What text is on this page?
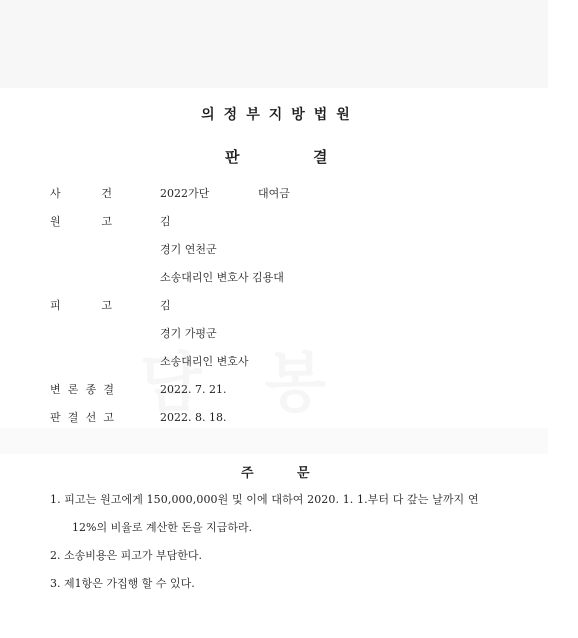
의정부지방법원
판	결
사	건	2022가단	대여금
원	고	김
경기 연천군
소송대리인 변호사 김용대
피	고	김
경기 가평군
소송대리인 변호사
변 론 종 결	2022. 7. 21.
판 결 선 고	2022. 8. 18.
주	문
1. 피고는 원고에게 150,000,000원 및 이에 대하여 2020. 1. 1.부터 다 갚는 날까지 연
12%의 비율로 계산한 돈을 지급하라.
2. 소송비용은 피고가 부담한다.
3. 제1항은 가집행 할 수 있다.
